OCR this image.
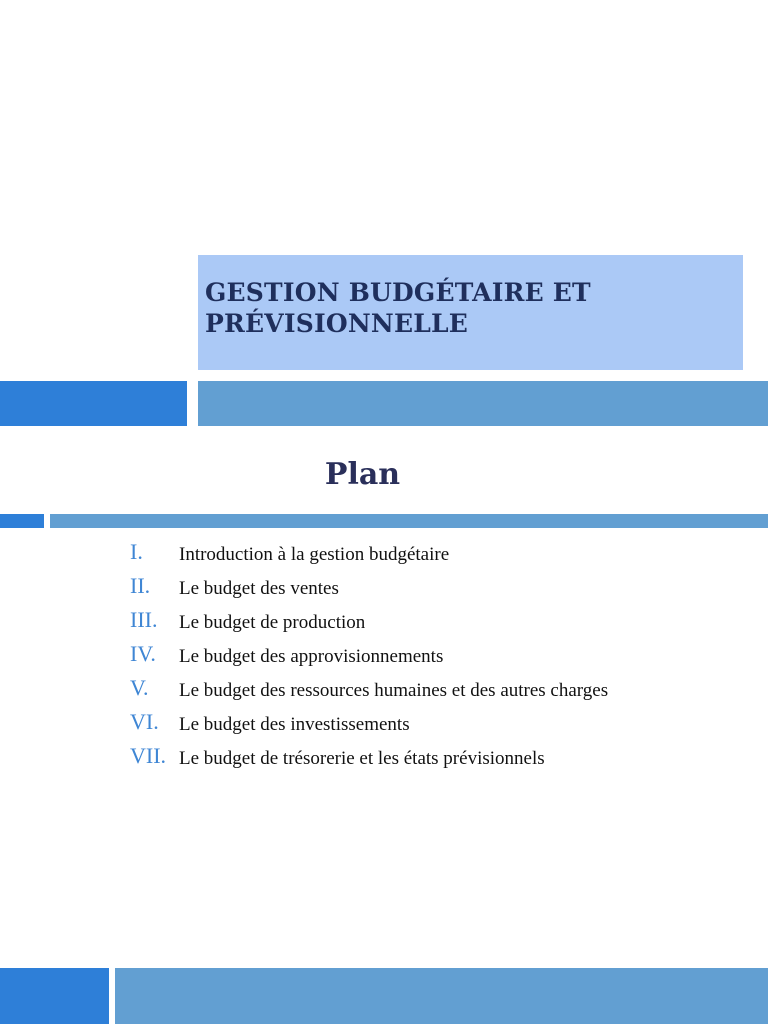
GESTION BUDGÉTAIRE ET PRÉVISIONNELLE
Plan
I.	Introduction à la gestion budgétaire
II.	Le budget des ventes
III.	Le budget de production
IV.	Le budget des approvisionnements
V.	Le budget des ressources humaines et des autres charges
VI.	Le budget des investissements
VII. Le budget de trésorerie et les états prévisionnels
